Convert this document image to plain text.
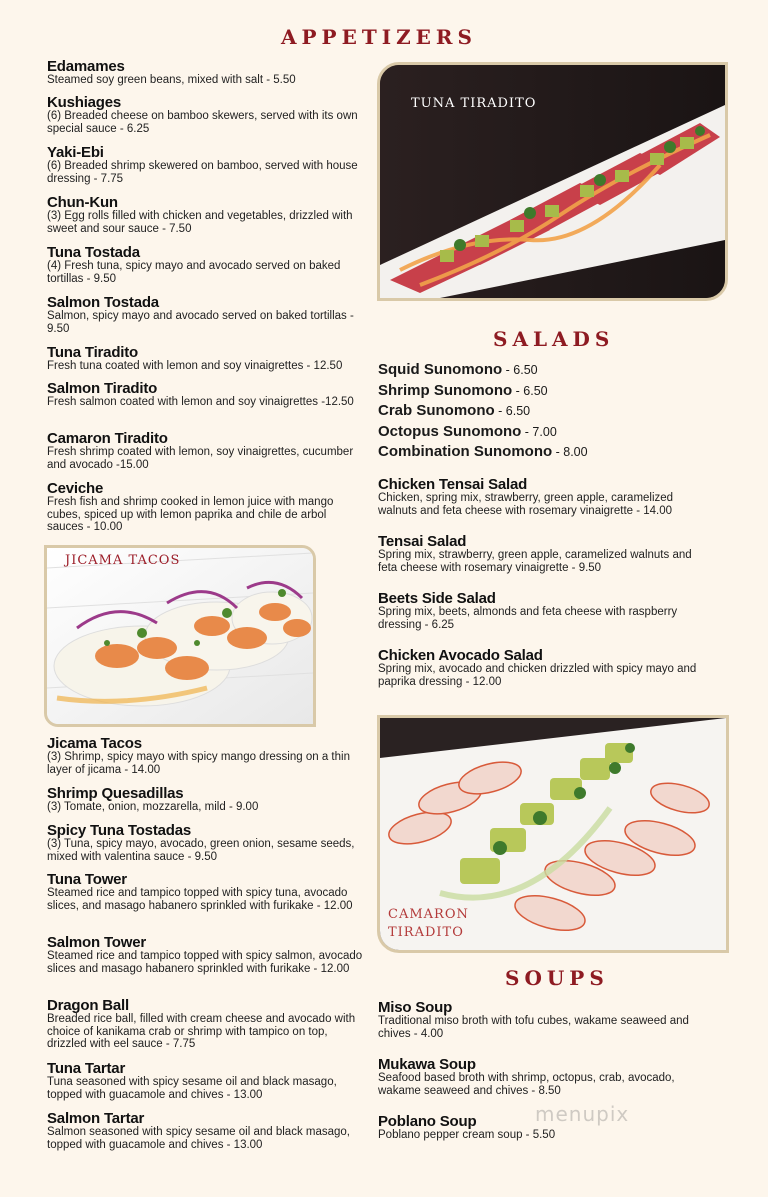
APPETIZERS
SALADS
SOUPS
Edamames
Steamed soy green beans, mixed with salt - 5.50
Kushiages
(6) Breaded cheese on bamboo skewers, served with its own special sauce - 6.25
Yaki-Ebi
(6) Breaded shrimp skewered on bamboo, served with house dressing - 7.75
Chun-Kun
(3) Egg rolls filled with chicken and vegetables, drizzled with sweet and sour sauce - 7.50
Tuna Tostada
(4) Fresh tuna, spicy mayo and avocado served on baked tortillas - 9.50
Salmon Tostada
Salmon, spicy mayo and avocado served on baked tortillas - 9.50
Tuna Tiradito
Fresh tuna coated with lemon and soy vinaigrettes - 12.50
Salmon Tiradito
Fresh salmon coated with lemon and soy vinaigrettes -12.50
Camaron Tiradito
Fresh shrimp coated with lemon, soy vinaigrettes, cucumber and avocado -15.00
Ceviche
Fresh fish and shrimp cooked in lemon juice with mango cubes, spiced up with lemon paprika and chile de arbol sauces - 10.00
JICAMA TACOS
Jicama Tacos
(3) Shrimp, spicy mayo with spicy mango dressing on a thin layer of jicama - 14.00
Shrimp Quesadillas
(3) Tomate, onion, mozzarella, mild - 9.00
Spicy Tuna Tostadas
(3) Tuna, spicy mayo, avocado, green onion, sesame seeds, mixed with valentina sauce - 9.50
Tuna Tower
Steamed rice and tampico topped with spicy tuna, avocado slices, and masago habanero sprinkled with furikake - 12.00
Salmon Tower
Steamed rice and tampico topped with spicy salmon, avocado slices and masago habanero sprinkled with furikake - 12.00
Dragon Ball
Breaded rice ball, filled with cream cheese and avocado with choice of kanikama crab or shrimp with tampico on top, drizzled with eel sauce - 7.75
Tuna Tartar
Tuna seasoned with spicy sesame oil and black masago, topped with guacamole and chives - 13.00
Salmon Tartar
Salmon seasoned with spicy sesame oil and black masago, topped with guacamole and chives - 13.00
TUNA TIRADITO
Squid Sunomono - 6.50
Shrimp Sunomono - 6.50
Crab Sunomono - 6.50
Octopus Sunomono - 7.00
Combination Sunomono - 8.00
Chicken Tensai Salad
Chicken, spring mix, strawberry, green apple, caramelized walnuts and feta cheese with rosemary vinaigrette - 14.00
Tensai Salad
Spring mix, strawberry, green apple, caramelized walnuts and feta cheese with rosemary vinaigrette - 9.50
Beets Side Salad
Spring mix, beets, almonds and feta cheese with raspberry dressing - 6.25
Chicken Avocado Salad
Spring mix, avocado and chicken drizzled with spicy mayo and paprika dressing - 12.00
CAMARON
TIRADITO
Miso Soup
Traditional miso broth with tofu cubes, wakame seaweed and chives - 4.00
Mukawa Soup
Seafood based broth with shrimp, octopus, crab, avocado, wakame seaweed and chives - 8.50
Poblano Soup
Poblano pepper cream soup - 5.50
menupix
